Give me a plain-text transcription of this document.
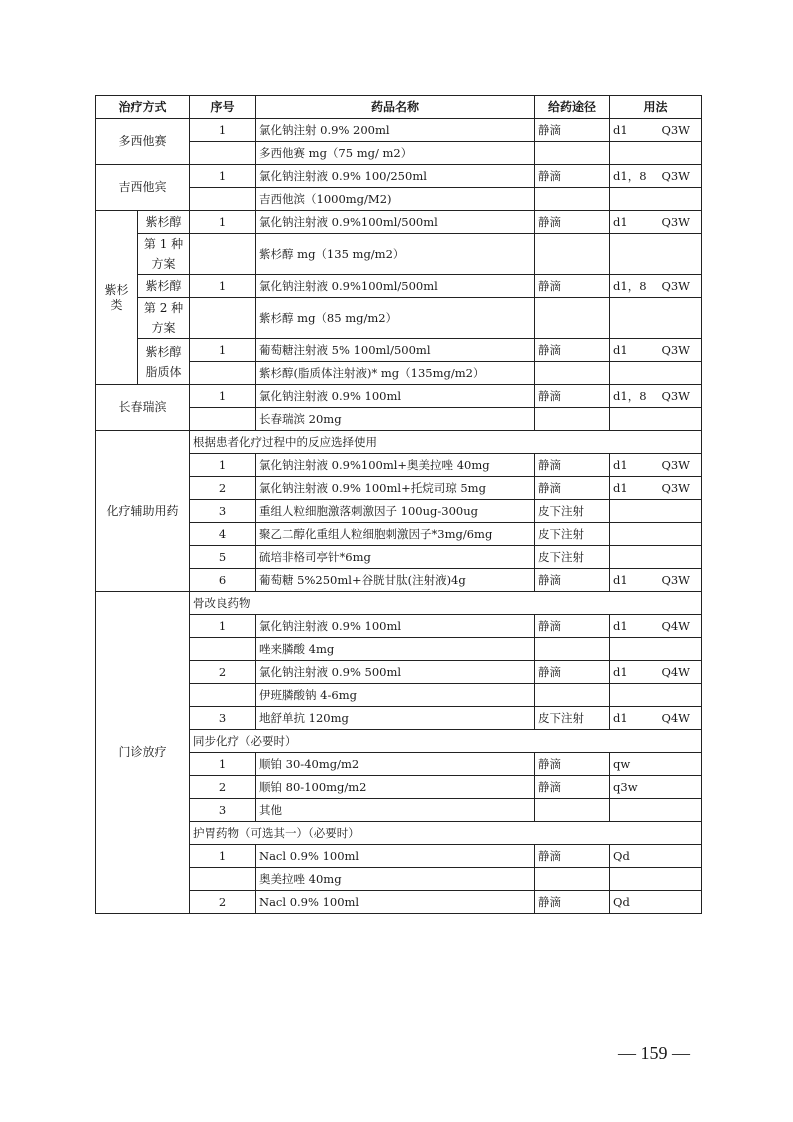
治疗方式		序号	药品名称	给药途径	用法
多西他赛		1	氯化钠注射 0.9% 200ml	静滴	d1 Q3W

			多西他赛 mg（75 mg/ m2）		

吉西他宾		1	氯化钠注射液 0.9% 100/250ml	静滴	d1，8 Q3W

			吉西他滨（1000mg/M2)		

紫杉类	紫杉醇	1	氯化钠注射液 0.9%100ml/500ml	静滴	d1 Q3W

	第 1 种方案		紫杉醇 mg（135 mg/m2）		

	紫杉醇	1	氯化钠注射液 0.9%100ml/500ml	静滴	d1，8 Q3W

	第 2 种方案		紫杉醇 mg（85 mg/m2）		

	紫杉醇脂质体	1	葡萄糖注射液 5% 100ml/500ml	静滴	d1 Q3W

			紫杉醇(脂质体注射液)* mg（135mg/m2）		

长春瑞滨		1	氯化钠注射液 0.9% 100ml	静滴	d1，8 Q3W

			长春瑞滨 20mg		

化疗辅助用药		根据患者化疗过程中的反应选择使用			
		1	氯化钠注射液 0.9%100ml+奥美拉唑 40mg	静滴	d1 Q3W

		2	氯化钠注射液 0.9% 100ml+托烷司琼 5mg	静滴	d1 Q3W

		3	重组人粒细胞激落刺激因子 100ug-300ug	皮下注射	

		4	聚乙二醇化重组人粒细胞刺激因子*3mg/6mg	皮下注射	

		5	硫培非格司亭针*6mg	皮下注射	

		6	葡萄糖 5%250ml+谷胱甘肽(注射液)4g	静滴	d1 Q3W

门诊放疗		骨改良药物			
		1	氯化钠注射液 0.9% 100ml	静滴	d1 Q4W

			唑来膦酸 4mg		

		2	氯化钠注射液 0.9% 500ml	静滴	d1 Q4W

			伊班膦酸钠 4-6mg		

		3	地舒单抗 120mg	皮下注射	d1 Q4W

		同步化疗（必要时）			
		1	顺铂 30-40mg/m2	静滴	qw

		2	顺铂 80-100mg/m2	静滴	q3w

		3	其他		

		护胃药物（可选其一）（必要时）			
		1	Nacl 0.9% 100ml	静滴	Qd

			奥美拉唑 40mg		

		2	Nacl 0.9% 100ml	静滴	Qd
— 159 —
